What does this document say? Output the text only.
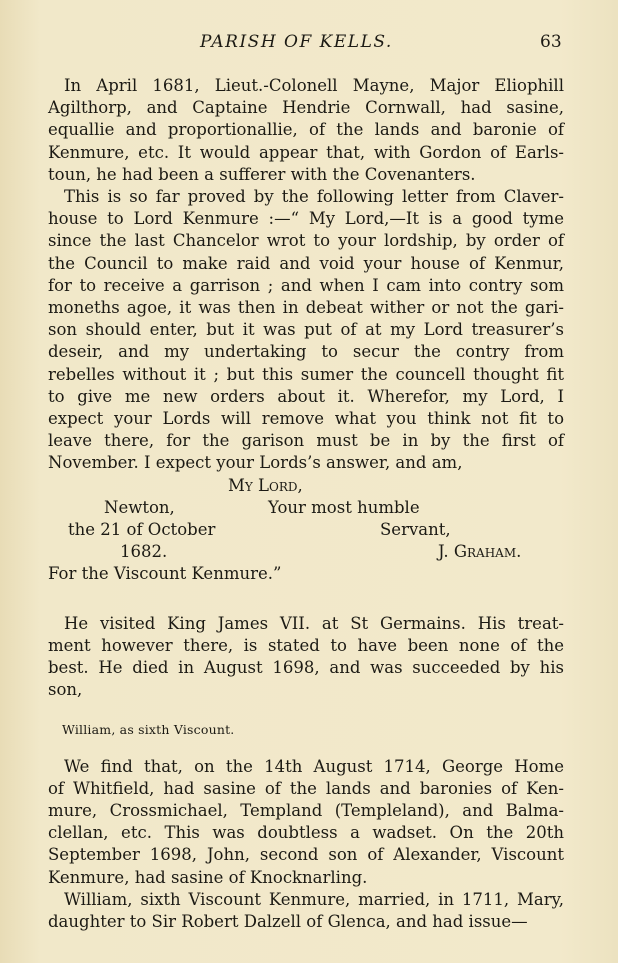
PARISH OF KELLS.	63
In April 1681, Lieut.-Colonell Mayne, Major Eliophill
Agilthorp, and Captaine Hendrie Cornwall, had sasine,
equallie and proportionallie, of the lands and baronie of
Kenmure, etc. It would appear that, with Gordon of Earls-
toun, he had been a sufferer with the Covenanters.
This is so far proved by the following letter from Claver-
house to Lord Kenmure :—“ My Lord,—It is a good tyme
since the last Chancelor wrot to your lordship, by order of
the Council to make raid and void your house of Kenmur,
for to receive a garrison ; and when I cam into contry som
moneths agoe, it was then in debeat wither or not the gari-
son should enter, but it was put of at my Lord treasurer’s
deseir, and my undertaking to secur the contry from
rebelles without it ; but this sumer the councell thought fit
to give me new orders about it. Wherefor, my Lord, I
expect your Lords will remove what you think not fit to
leave there, for the garison must be in by the first of
November. I expect your Lords’s answer, and am,
My Lord,
Newton,	Your most humble
the 21 of October	Servant,
1682.	J. Graham.
For the Viscount Kenmure.”
He visited King James VII. at St Germains. His treat-
ment however there, is stated to have been none of the
best. He died in August 1698, and was succeeded by his
son,
William, as sixth Viscount.
We find that, on the 14th August 1714, George Home
of Whitfield, had sasine of the lands and baronies of Ken-
mure, Crossmichael, Templand (Templeland), and Balma-
clellan, etc. This was doubtless a wadset. On the 20th
September 1698, John, second son of Alexander, Viscount
Kenmure, had sasine of Knocknarling.
William, sixth Viscount Kenmure, married, in 1711, Mary,
daughter to Sir Robert Dalzell of Glenca, and had issue—
